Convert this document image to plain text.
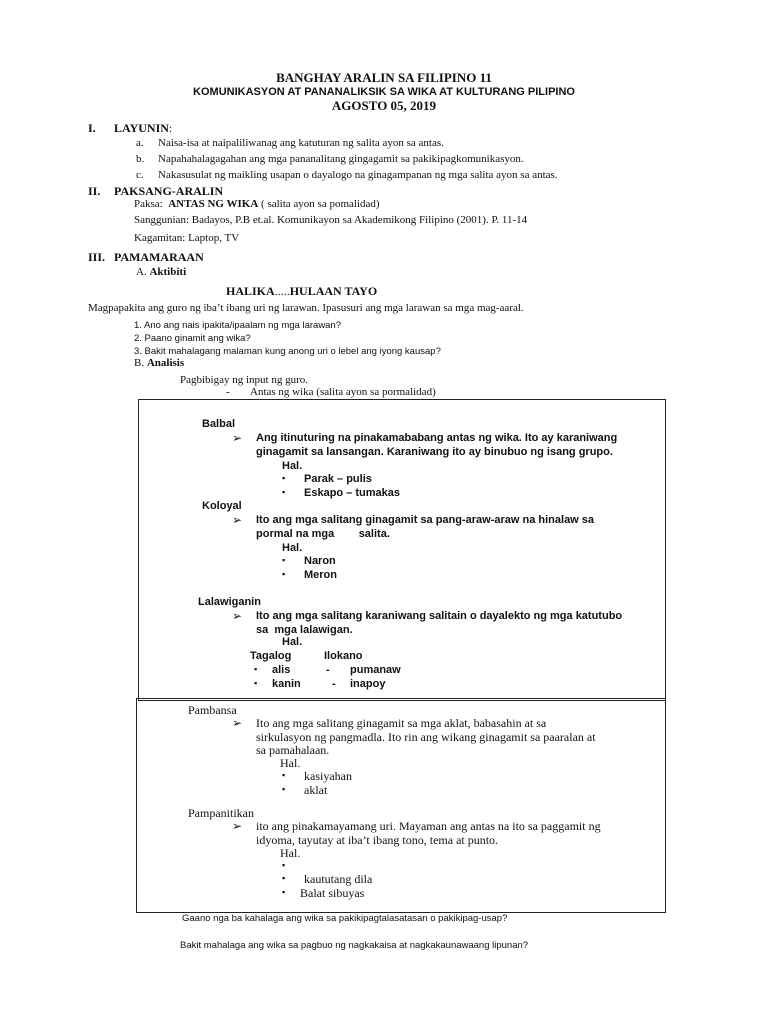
BANGHAY ARALIN SA FILIPINO 11
KOMUNIKASYON AT PANANALIKSIK SA WIKA AT KULTURANG PILIPINO
AGOSTO 05, 2019
I. LAYUNIN:
a. Naisa-isa at naipaliliwanag ang katuturan ng salita ayon sa antas.
b. Napahahalagagahan ang mga pananalitang gingagamit sa pakikipagkomunikasyon.
c. Nakasusulat ng maikling usapan o dayalogo na ginagampanan ng mga salita ayon sa antas.
II. PAKSANG-ARALIN
Paksa: ANTAS NG WIKA ( salita ayon sa pomalidad)
Sanggunian: Badayos, P.B et.al. Komunikayon sa Akademikong Filipino (2001). P. 11-14
Kagamitan: Laptop, TV
III. PAMAMARAAN
A. Aktibiti
HALIKA.....HULAAN TAYO
Magpapakita ang guro ng iba’t ibang uri ng larawan. Ipasusuri ang mga larawan sa mga mag-aaral.
1. Ano ang nais ipakita/ipaalam ng mga larawan?
2. Paano ginamit ang wika?
3. Bakit mahalagang malaman kung anong uri o lebel ang iyong kausap?
B. Analisis
Pagbibigay ng input ng guro.
- Antas ng wika (salita ayon sa pormalidad)
Balbal
➢ Ang itinuturing na pinakamababang antas ng wika. Ito ay karaniwang
ginagamit sa lansangan. Karaniwang ito ay binubuo ng isang grupo.
Hal.
▪ Parak – pulis
▪ Eskapo – tumakas
Koloyal
➢ Ito ang mga salitang ginagamit sa pang-araw-araw na hinalaw sa
pormal na mga        salita.
Hal.
▪ Naron
▪ Meron
Lalawiganin
➢ Ito ang mga salitang karaniwang salitain o dayalekto ng mga katutubo
sa  mga lalawigan.
Hal.
Tagalog	Ilokano
▪ alis	- pumanaw
▪ kanin	- inapoy
Pambansa
➢ Ito ang mga salitang ginagamit sa mga aklat, babasahin at sa
sirkulasyon ng pangmadla. Ito rin ang wikang ginagamit sa paaralan at
sa pamahalaan.
Hal.
▪ kasiyahan
▪ aklat
Pampanitikan
➢ ito ang pinakamayamang uri. Mayaman ang antas na ito sa paggamit ng
idyoma, tayutay at iba’t ibang tono, tema at punto.
Hal.
▪
▪ kaututang dila
▪ Balat sibuyas
Gaano nga ba kahalaga ang wika sa pakikipagtalasatasan o pakikipag-usap?
Bakit mahalaga ang wika sa pagbuo ng nagkakaisa at nagkakaunawaang lipunan?
